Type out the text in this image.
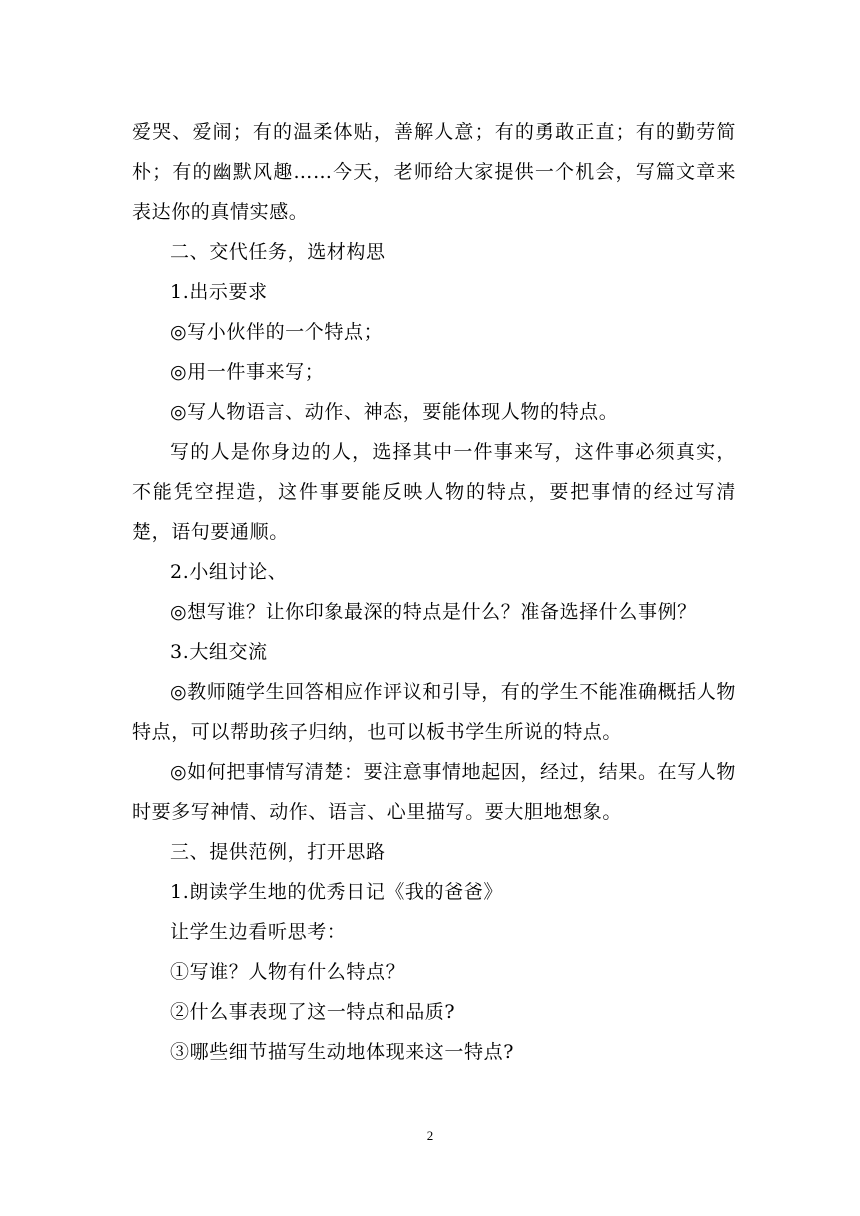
爱哭、爱闹；有的温柔体贴，善解人意；有的勇敢正直；有的勤劳简朴；有的幽默风趣……今天，老师给大家提供一个机会，写篇文章来表达你的真情实感。

二、交代任务，选材构思

1.出示要求

◎写小伙伴的一个特点；

◎用一件事来写；

◎写人物语言、动作、神态，要能体现人物的特点。

写的人是你身边的人，选择其中一件事来写，这件事必须真实，不能凭空捏造，这件事要能反映人物的特点，要把事情的经过写清楚，语句要通顺。

2.小组讨论、

◎想写谁？让你印象最深的特点是什么？准备选择什么事例？

3.大组交流

◎教师随学生回答相应作评议和引导，有的学生不能准确概括人物特点，可以帮助孩子归纳，也可以板书学生所说的特点。

◎如何把事情写清楚：要注意事情地起因，经过，结果。在写人物时要多写神情、动作、语言、心里描写。要大胆地想象。

三、提供范例，打开思路

1.朗读学生地的优秀日记《我的爸爸》

让学生边看听思考：

①写谁？人物有什么特点？

②什么事表现了这一特点和品质?

③哪些细节描写生动地体现来这一特点?

2
